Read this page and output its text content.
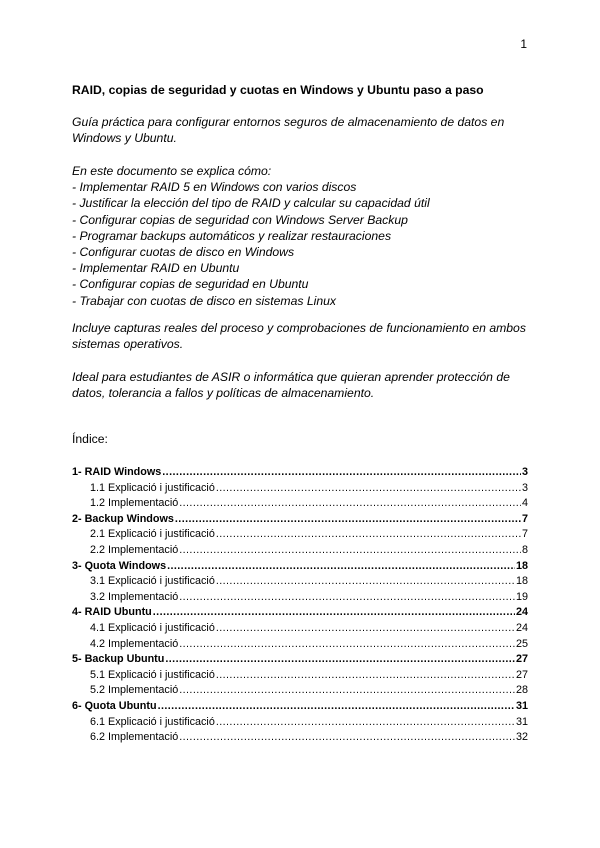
1
RAID, copias de seguridad y cuotas en Windows y Ubuntu paso a paso

Guía práctica para configurar entornos seguros de almacenamiento de datos en Windows y Ubuntu.

En este documento se explica cómo:
- Implementar RAID 5 en Windows con varios discos
- Justificar la elección del tipo de RAID y calcular su capacidad útil
- Configurar copias de seguridad con Windows Server Backup
- Programar backups automáticos y realizar restauraciones
- Configurar cuotas de disco en Windows
- Implementar RAID en Ubuntu
- Configurar copias de seguridad en Ubuntu
- Trabajar con cuotas de disco en sistemas Linux

Incluye capturas reales del proceso y comprobaciones de funcionamiento en ambos sistemas operativos.

Ideal para estudiantes de ASIR o informática que quieran aprender protección de datos, tolerancia a fallos y políticas de almacenamiento.

Índice:
1- RAID Windows .....	3
1.1 Explicació i justificació .....	3
1.2 Implementació .....	4
2- Backup Windows .....	7
2.1 Explicació i justificació .....	7
2.2 Implementació .....	8
3- Quota Windows .....	18
3.1 Explicació i justificació .....	18
3.2 Implementació .....	19
4- RAID Ubuntu .....	24
4.1 Explicació i justificació .....	24
4.2 Implementació .....	25
5- Backup Ubuntu .....	27
5.1 Explicació i justificació .....	27
5.2 Implementació .....	28
6- Quota Ubuntu .....	31
6.1 Explicació i justificació .....	31
6.2 Implementació .....	32
